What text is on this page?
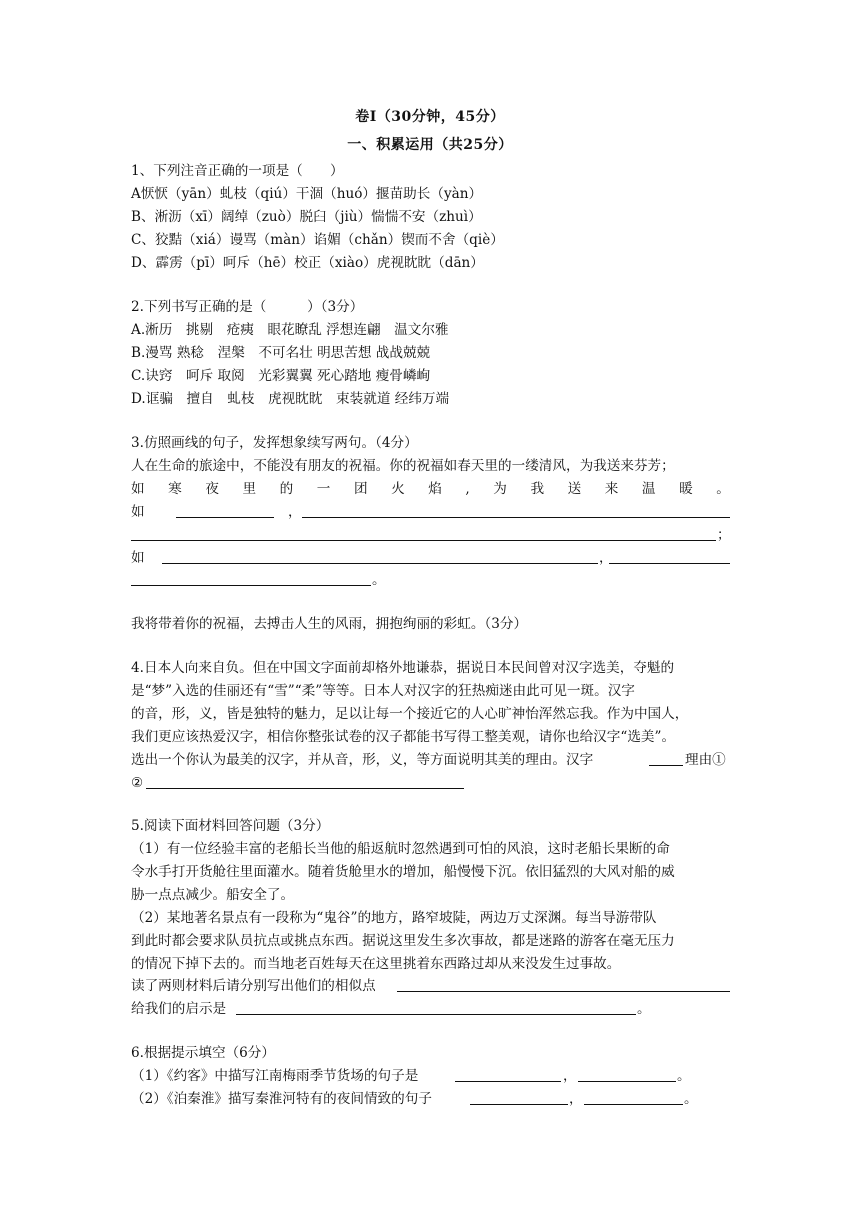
卷Ⅰ（30分钟，45分）
一、积累运用（共25分）
1、下列注音正确的一项是（　　）
A恹恹（yān）虬枝（qiú）干涸（huó）揠苗助长（yàn）
B、淅沥（xī）阔绰（zuò）脱臼（jiù）惴惴不安（zhuì）
C、狡黠（xiá）谩骂（màn）谄媚（chǎn）锲而不舍（qiè）
D、霹雳（pī）呵斥（hē）校正（xiào）虎视眈眈（dān）
2.下列书写正确的是（　　　）（3分）
A.淅历　挑剔　疮痍　眼花瞭乱 浮想连翩　温文尔雅
B.漫骂 熟稔　涅槃　不可名壮 明思苦想 战战兢兢
C.诀窍　呵斥 取阅　光彩翼翼 死心踏地 瘦骨嶙峋
D.诓骗　擅自　虬枝　虎视眈眈　束装就道 经纬万端
3.仿照画线的句子，发挥想象续写两句。（4分）
人在生命的旅途中，不能没有朋友的祝福。你的祝福如春天里的一缕清风，为我送来芬芳；
如 寒 夜 里 的 一 团 火 焰 , 为 我 送 来 温 暖 。
如	，
；
如	，
。
我将带着你的祝福，去搏击人生的风雨，拥抱绚丽的彩虹。（3分）
4.日本人向来自负。但在中国文字面前却格外地谦恭，据说日本民间曾对汉字选美，夺魁的
是“梦”入选的佳丽还有“雪”“柔”等等。日本人对汉字的狂热痴迷由此可见一斑。汉字
的音，形，义，皆是独特的魅力，足以让每一个接近它的人心旷神怡浑然忘我。作为中国人，
我们更应该热爱汉字，相信你整张试卷的汉子都能书写得工整美观，请你也给汉字“选美”。
选出一个你认为最美的汉字，并从音，形，义，等方面说明其美的理由。汉字	理由①
②
5.阅读下面材料回答问题（3分）
（1）有一位经验丰富的老船长当他的船返航时忽然遇到可怕的风浪，这时老船长果断的命
令水手打开货舱往里面灌水。随着货舱里水的增加，船慢慢下沉。依旧猛烈的大风对船的威
胁一点点减少。船安全了。
（2）某地著名景点有一段称为“鬼谷”的地方，路窄坡陡，两边万丈深渊。每当导游带队
到此时都会要求队员抗点或挑点东西。据说这里发生多次事故，都是迷路的游客在毫无压力
的情况下掉下去的。而当地老百姓每天在这里挑着东西路过却从来没发生过事故。
读了两则材料后请分别写出他们的相似点
给我们的启示是	。
6.根据提示填空（6分）
（1）《约客》中描写江南梅雨季节货场的句子是	，	。
（2）《泊秦淮》描写秦淮河特有的夜间情致的句子	，	。
